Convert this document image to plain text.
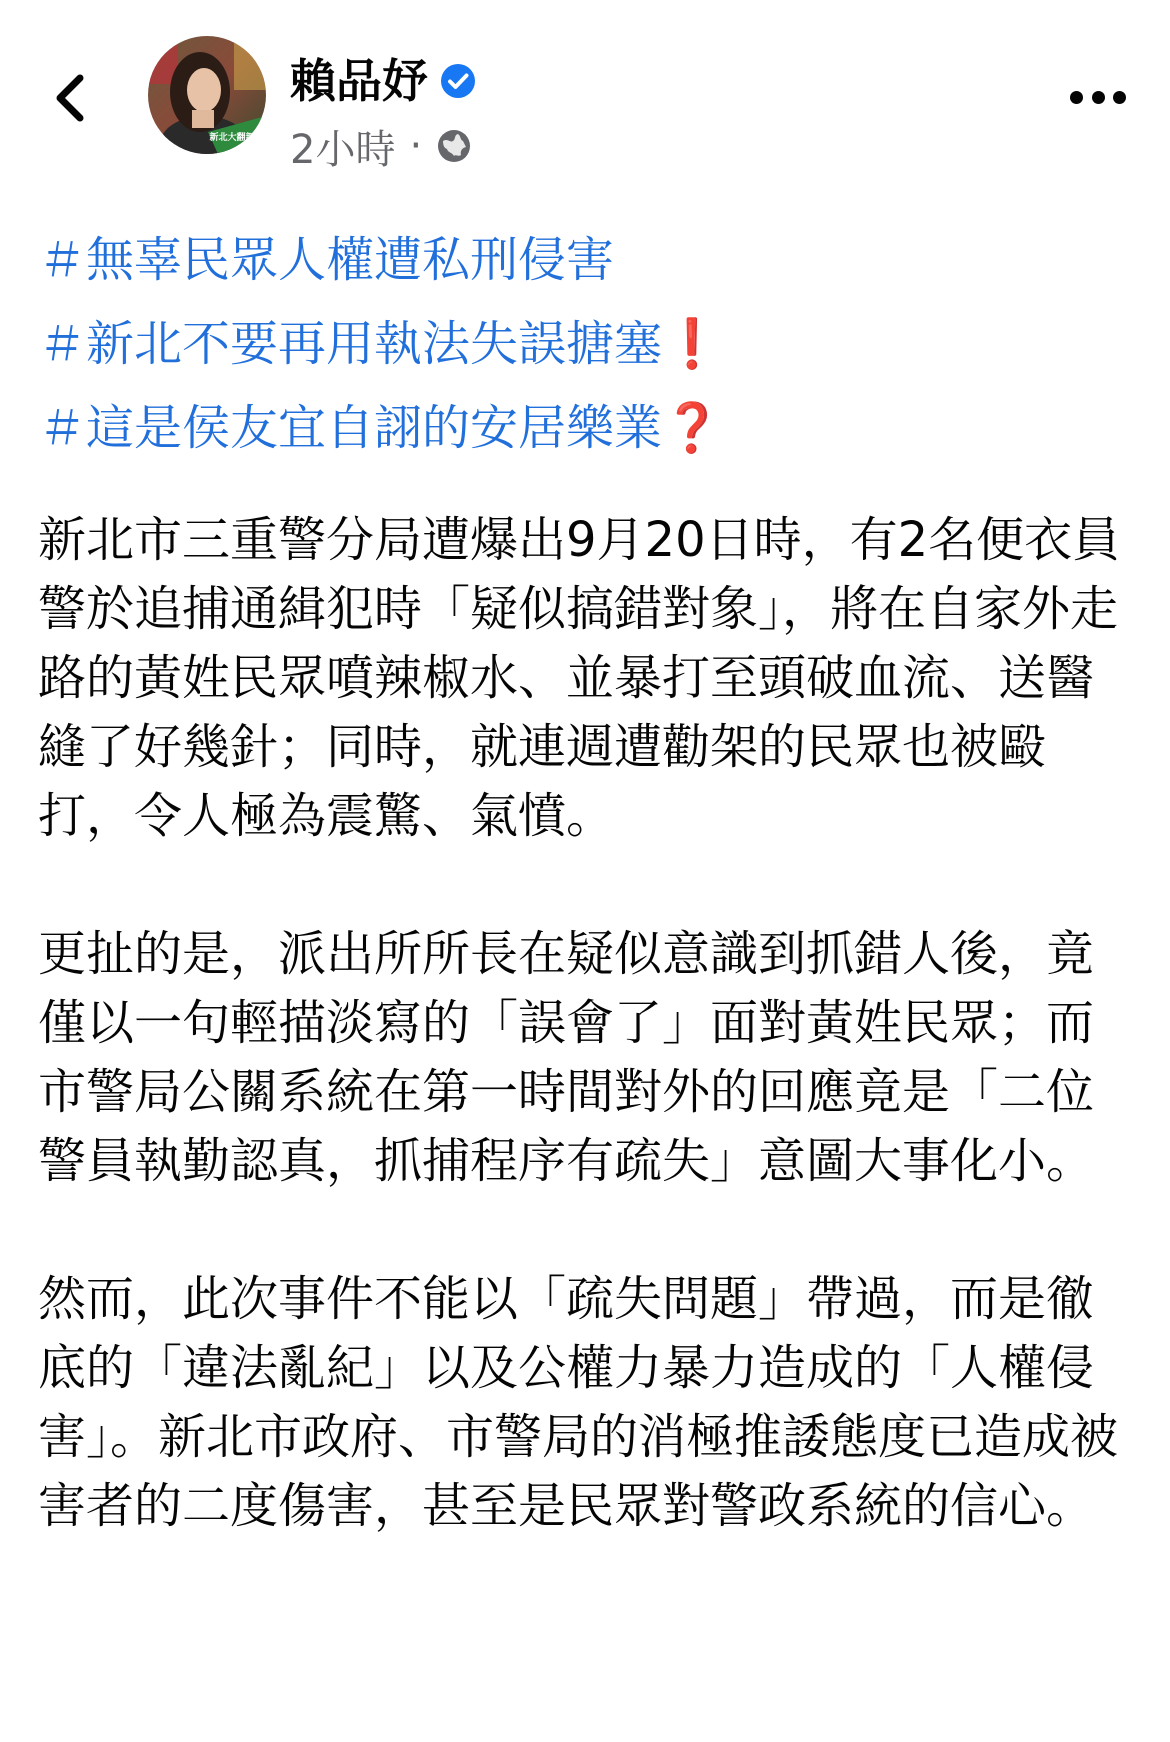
新北大翻新
賴品妤
2小時 ·
＃無辜民眾人權遭私刑侵害
＃新北不要再用執法失誤搪塞❗
＃這是侯友宜自詡的安居樂業❓

新北市三重警分局遭爆出9月20日時，有2名便衣員警於追捕通緝犯時「疑似搞錯對象」，將在自家外走路的黃姓民眾噴辣椒水、並暴打至頭破血流、送醫縫了好幾針；同時，就連週遭勸架的民眾也被毆打，令人極為震驚、氣憤。

更扯的是，派出所所長在疑似意識到抓錯人後，竟僅以一句輕描淡寫的「誤會了」面對黃姓民眾；而市警局公關系統在第一時間對外的回應竟是「二位警員執勤認真，抓捕程序有疏失」意圖大事化小。

然而，此次事件不能以「疏失問題」帶過，而是徹底的「違法亂紀」以及公權力暴力造成的「人權侵害」。新北市政府、市警局的消極推諉態度已造成被害者的二度傷害，甚至是民眾對警政系統的信心。
